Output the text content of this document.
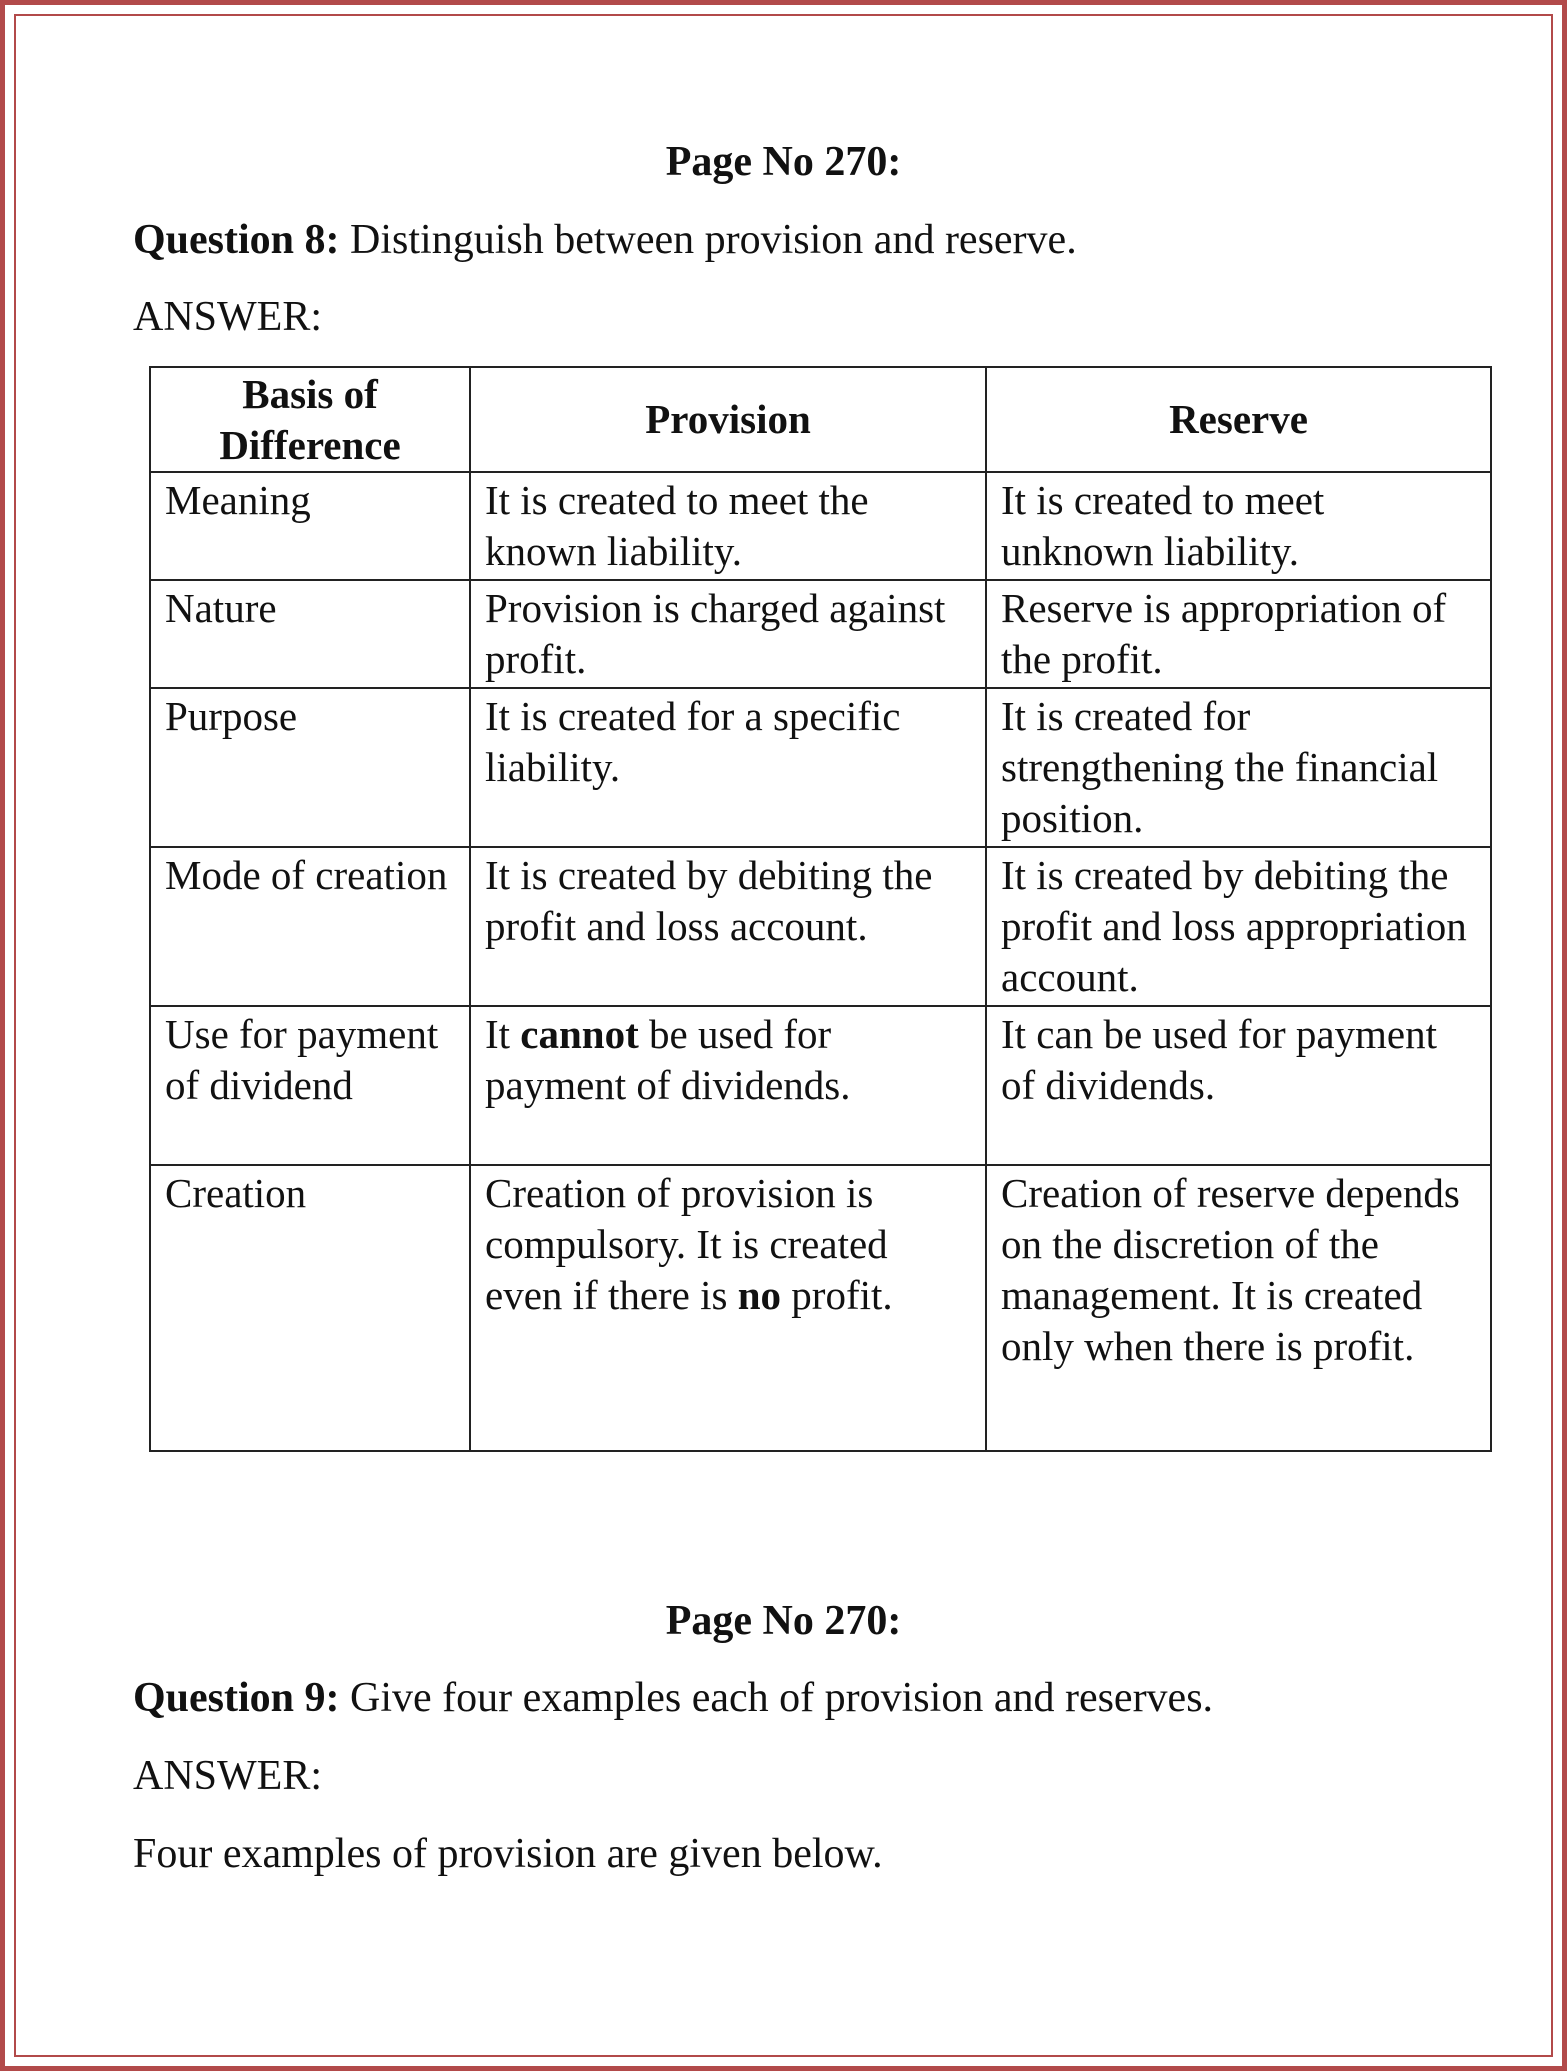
Page No 270:
Question 8: Distinguish between provision and reserve.
ANSWER:
Basis of Difference	Provision	Reserve
Meaning	It is created to meet the known liability.	It is created to meet unknown liability.
Nature	Provision is charged against profit.	Reserve is appropriation of the profit.
Purpose	It is created for a specific liability.	It is created for strengthening the financial position.
Mode of creation	It is created by debiting the profit and loss account.	It is created by debiting the profit and loss appropriation account.
Use for payment of dividend	It cannot be used for payment of dividends.	It can be used for payment of dividends.
Creation	Creation of provision is compulsory. It is created even if there is no profit.	Creation of reserve depends on the discretion of the management. It is created only when there is profit.
Page No 270:
Question 9: Give four examples each of provision and reserves.
ANSWER:
Four examples of provision are given below.
